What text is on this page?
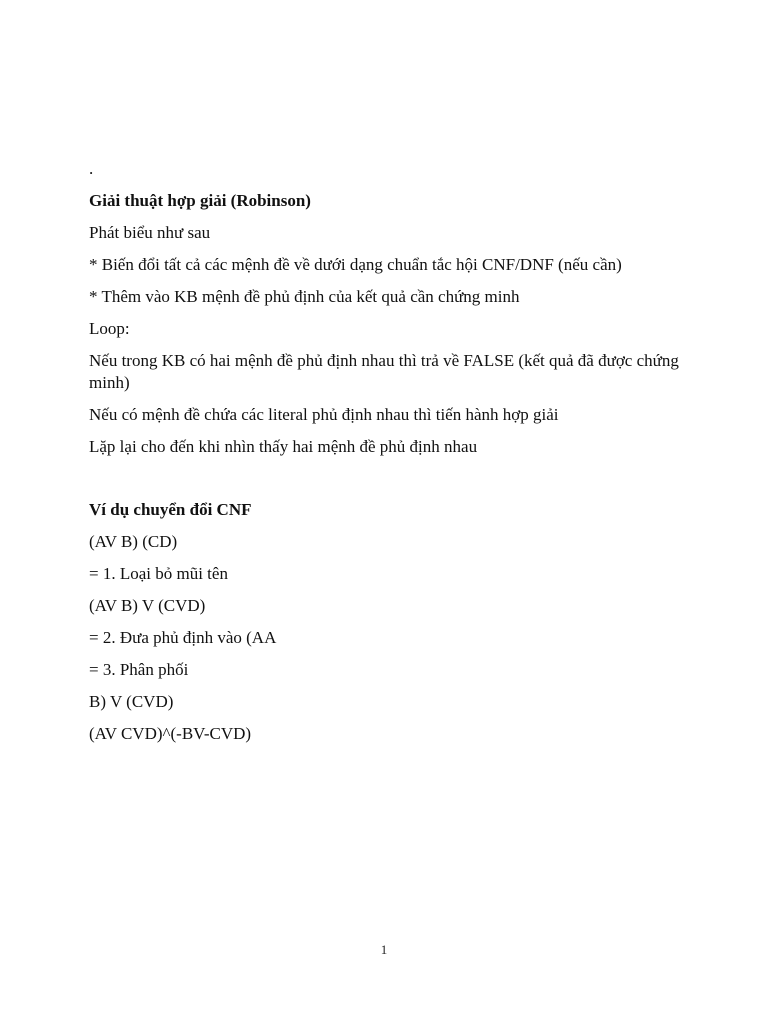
.
Giải thuật hợp giải (Robinson)
Phát biểu như sau
* Biến đổi tất cả các mệnh đề về dưới dạng chuẩn tắc hội CNF/DNF (nếu cần)
* Thêm vào KB mệnh đề phủ định của kết quả cần chứng minh
Loop:
Nếu trong KB có hai mệnh đề phủ định nhau thì trả về FALSE (kết quả đã được chứng minh)
Nếu có mệnh đề chứa các literal phủ định nhau thì tiến hành hợp giải
Lặp lại cho đến khi nhìn thấy hai mệnh đề phủ định nhau
Ví dụ chuyển đổi CNF
(AV B) (CD)
= 1. Loại bỏ mũi tên
(AV B) V (CVD)
= 2. Đưa phủ định vào (AA
= 3. Phân phối
B) V (CVD)
(AV CVD)^(-BV-CVD)
1
